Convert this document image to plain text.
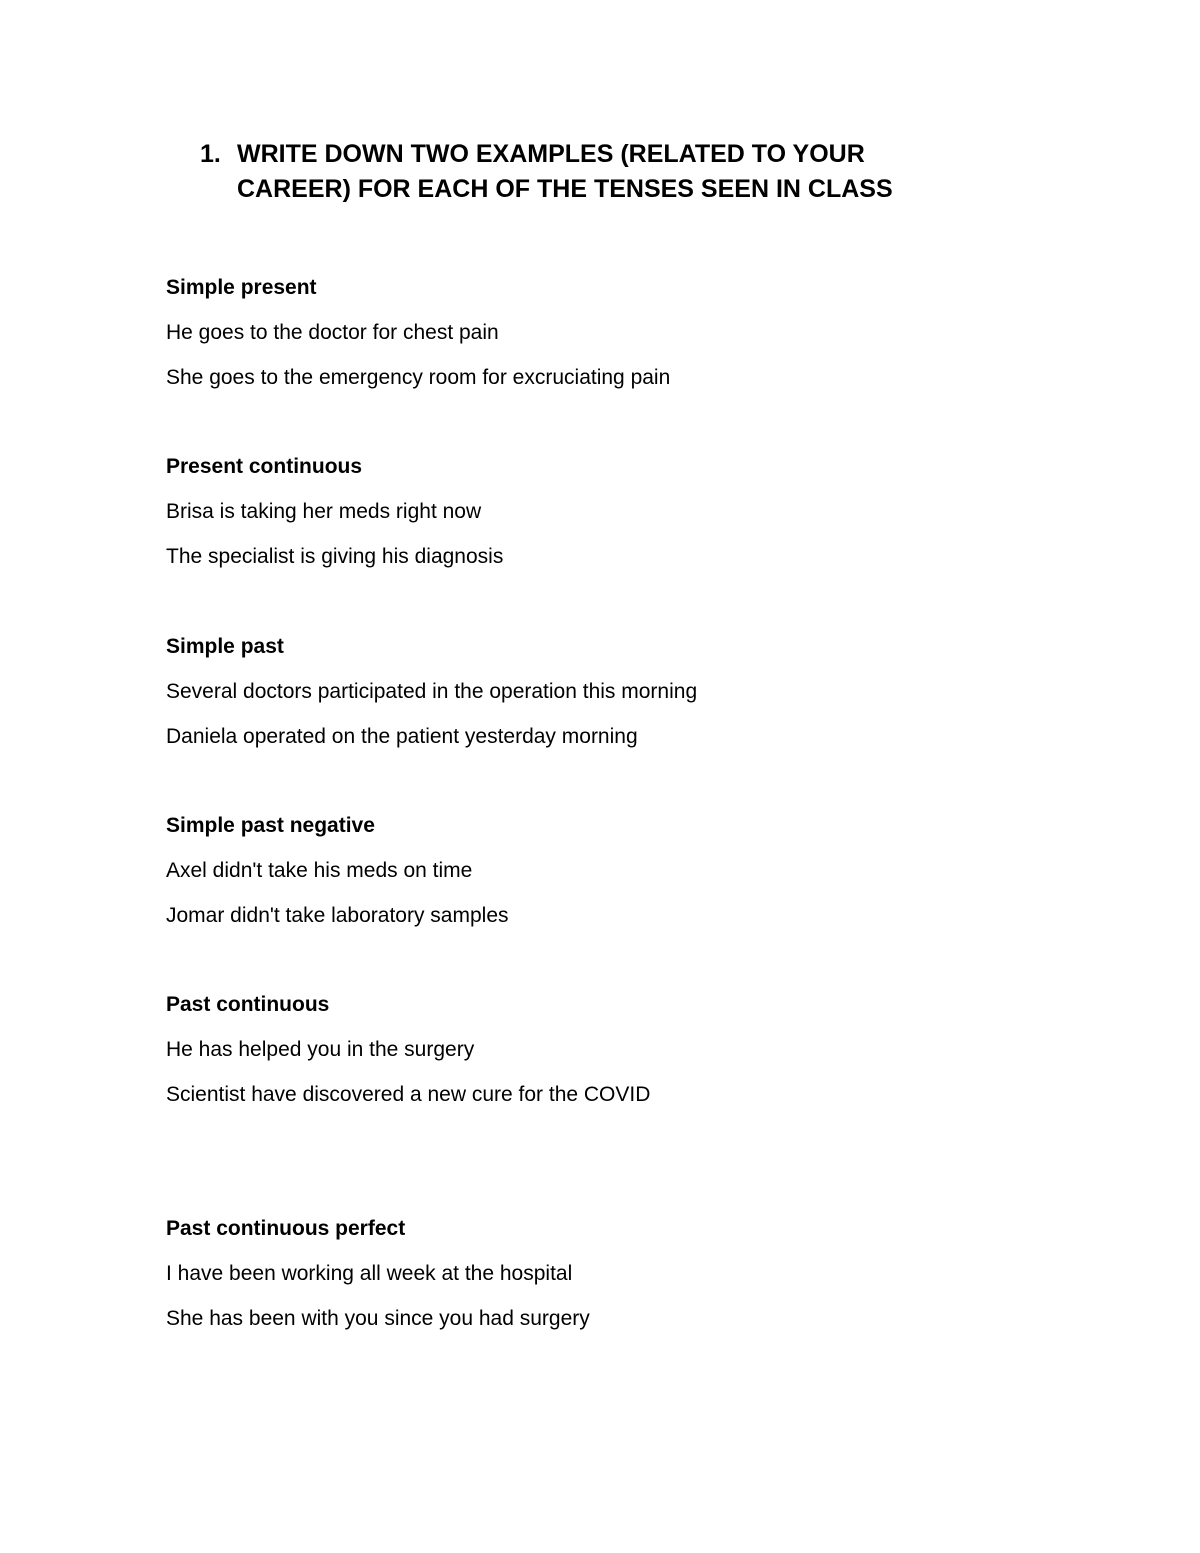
1. WRITE DOWN TWO EXAMPLES (RELATED TO YOUR
CAREER) FOR EACH OF THE TENSES SEEN IN CLASS

Simple present

He goes to the doctor for chest pain

She goes to the emergency room for excruciating pain

Present continuous

Brisa is taking her meds right now

The specialist is giving his diagnosis

Simple past

Several doctors participated in the operation this morning

Daniela operated on the patient yesterday morning

Simple past negative

Axel didn't take his meds on time

Jomar didn't take laboratory samples

Past continuous

He has helped you in the surgery

Scientist have discovered a new cure for the COVID

Past continuous perfect

I have been working all week at the hospital

She has been with you since you had surgery
